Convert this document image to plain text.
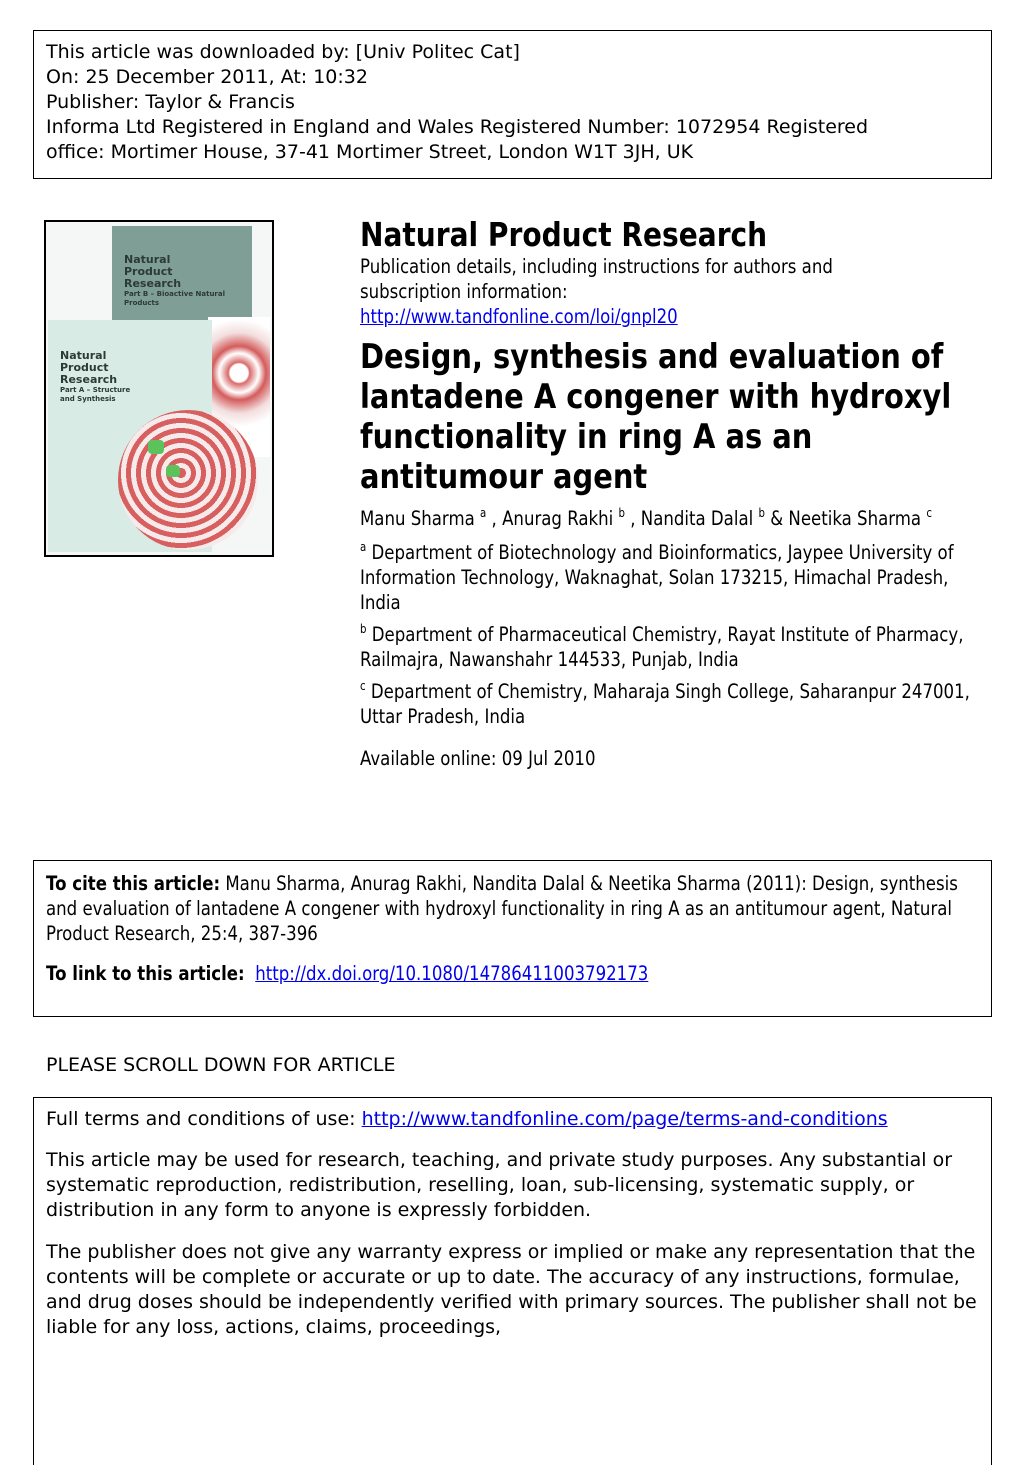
This article was downloaded by: [Univ Politec Cat]
On: 25 December 2011, At: 10:32
Publisher: Taylor & Francis
Informa Ltd Registered in England and Wales Registered Number: 1072954 Registered
office: Mortimer House, 37-41 Mortimer Street, London W1T 3JH, UK
Natural Product Research
Part B – Bioactive Natural Products
Natural Product Research
Part A – Structure and Synthesis
Natural Product Research
Publication details, including instructions for authors and subscription information:
http://www.tandfonline.com/loi/gnpl20
Design, synthesis and evaluation of lantadene A congener with hydroxyl functionality in ring A as an antitumour agent
Manu Sharma $^a$ , Anurag Rakhi $^b$ , Nandita Dalal $^b$ & Neetika Sharma $^c$
$^a$ Department of Biotechnology and Bioinformatics, Jaypee University of Information Technology, Waknaghat, Solan 173215, Himachal Pradesh, India
$^b$ Department of Pharmaceutical Chemistry, Rayat Institute of Pharmacy, Railmajra, Nawanshahr 144533, Punjab, India
$^c$ Department of Chemistry, Maharaja Singh College, Saharanpur 247001, Uttar Pradesh, India
Available online: 09 Jul 2010
To cite this article: Manu Sharma, Anurag Rakhi, Nandita Dalal & Neetika Sharma (2011): Design, synthesis and evaluation of lantadene A congener with hydroxyl functionality in ring A as an antitumour agent, Natural Product Research, 25:4, 387-396
To link to this article: http://dx.doi.org/10.1080/14786411003792173
PLEASE SCROLL DOWN FOR ARTICLE
Full terms and conditions of use: http://www.tandfonline.com/page/terms-and-conditions
This article may be used for research, teaching, and private study purposes. Any substantial or systematic reproduction, redistribution, reselling, loan, sub-licensing, systematic supply, or distribution in any form to anyone is expressly forbidden.
The publisher does not give any warranty express or implied or make any representation that the contents will be complete or accurate or up to date. The accuracy of any instructions, formulae, and drug doses should be independently verified with primary sources. The publisher shall not be liable for any loss, actions, claims, proceedings,
